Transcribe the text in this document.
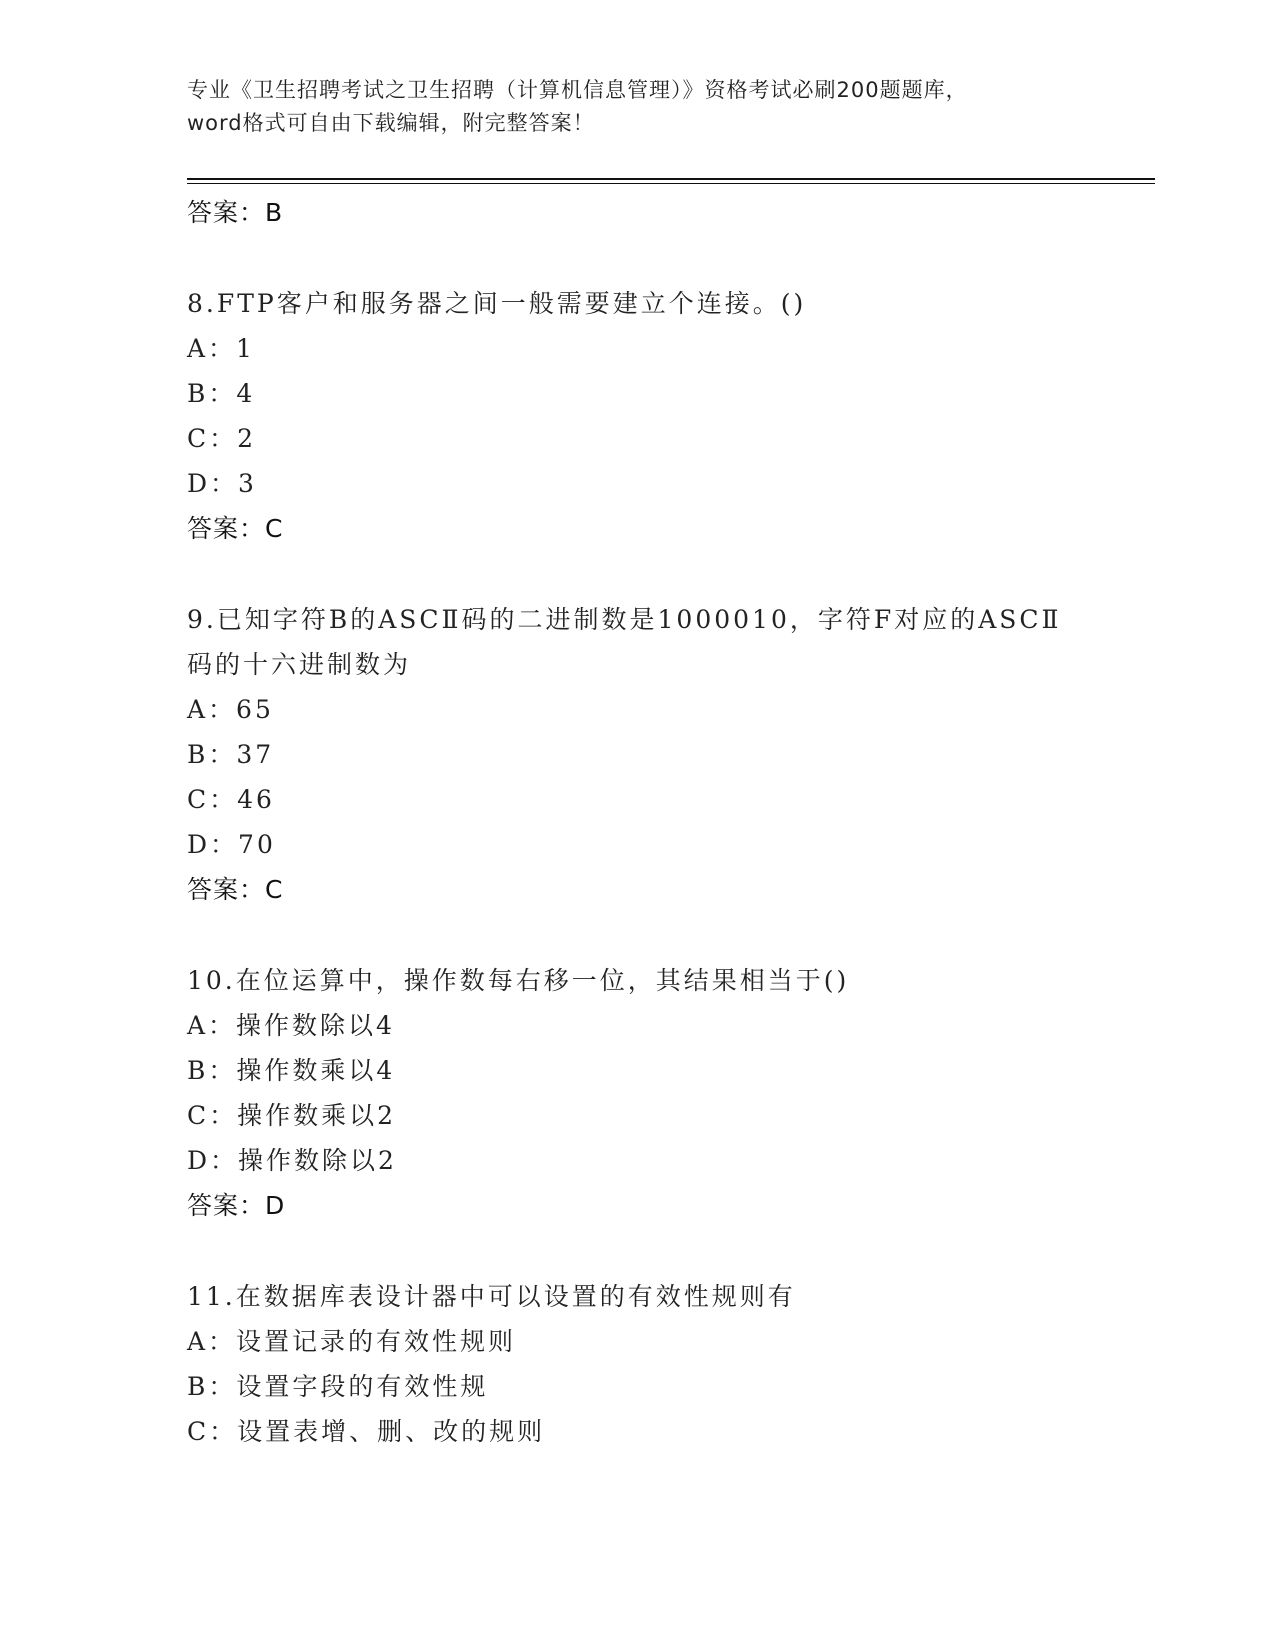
专业《卫生招聘考试之卫生招聘（计算机信息管理）》资格考试必刷200题题库，
word格式可自由下载编辑，附完整答案！
答案：B
8.FTP客户和服务器之间一般需要建立个连接。()
A：1
B：4
C：2
D：3
答案：C
9.已知字符B的ASCⅡ码的二进制数是1000010，字符F对应的ASCⅡ
码的十六进制数为
A：65
B：37
C：46
D：70
答案：C
10.在位运算中，操作数每右移一位，其结果相当于()
A：操作数除以4
B：操作数乘以4
C：操作数乘以2
D：操作数除以2
答案：D
11.在数据库表设计器中可以设置的有效性规则有
A：设置记录的有效性规则
B：设置字段的有效性规
C：设置表增、删、改的规则
